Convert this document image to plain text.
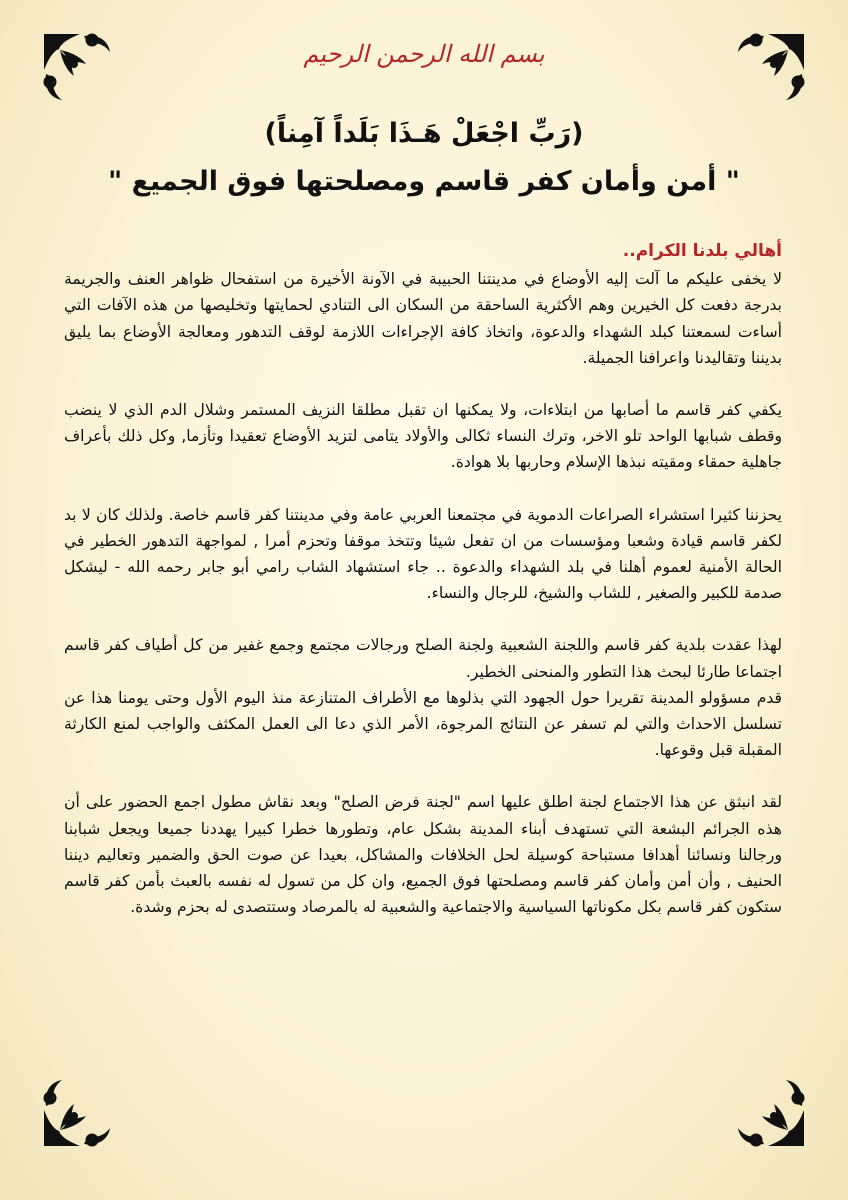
بسم الله الرحمن الرحيم
(رَبِّ اجْعَلْ هَـذَا بَلَداً آمِناً)
" أمن وأمان كفر قاسم ومصلحتها فوق الجميع "
أهالي بلدنا الكرام..

لا يخفى عليكم ما آلت إليه الأوضاع في مدينتنا الحبيبة في الآونة الأخيرة من استفحال ظواهر العنف والجريمة بدرجة دفعت كل الخيرين وهم الأكثرية الساحقة من السكان الى التنادي لحمايتها وتخليصها من هذه الآفات التي أساءت لسمعتنا كبلد الشهداء والدعوة، واتخاذ كافة الإجراءات اللازمة لوقف التدهور ومعالجة الأوضاع بما يليق بديننا وتقاليدنا واعرافنا الجميلة.

يكفي كفر قاسم ما أصابها من ابتلاءات، ولا يمكنها ان تقبل مطلقا النزيف المستمر وشلال الدم الذي لا ينضب وقطف شبابها الواحد تلو الاخر، وترك النساء ثكالى والأولاد يتامى لتزيد الأوضاع تعقيدا وتأزما, وكل ذلك بأعراف جاهلية حمقاء ومقيته نبذها الإسلام وحاربها بلا هوادة.

يحزننا كثيرا استشراء الصراعات الدموية في مجتمعنا العربي عامة وفي مدينتنا كفر قاسم خاصة. ولذلك كان لا بد لكفر قاسم قيادة وشعبا ومؤسسات من ان تفعل شيئا وتتخذ موقفا وتحزم أمرا , لمواجهة التدهور الخطير في الحالة الأمنية لعموم أهلنا في بلد الشهداء والدعوة .. جاء استشهاد الشاب رامي أبو جابر رحمه الله - ليشكل صدمة للكبير والصغير , للشاب والشيخ، للرجال والنساء.

لهذا عقدت بلدية كفر قاسم واللجنة الشعبية ولجنة الصلح ورجالات مجتمع وجمع غفير من كل أطياف كفر قاسم اجتماعا طارئا لبحث هذا التطور والمنحنى الخطير.

قدم مسؤولو المدينة تقريرا حول الجهود التي بذلوها مع الأطراف المتنازعة منذ اليوم الأول وحتى يومنا هذا عن تسلسل الاحداث والتي لم تسفر عن النتائج المرجوة، الأمر الذي دعا الى العمل المكثف والواجب لمنع الكارثة المقبلة قبل وقوعها.

لقد انبثق عن هذا الاجتماع لجنة اطلق عليها اسم "لجنة فرض الصلح" وبعد نقاش مطول اجمع الحضور على أن هذه الجرائم البشعة التي تستهدف أبناء المدينة بشكل عام، وتطورها خطرا كبيرا يهددنا جميعا ويجعل شبابنا ورجالنا ونسائنا أهدافا مستباحة كوسيلة لحل الخلافات والمشاكل، بعيدا عن صوت الحق والضمير وتعاليم ديننا الحنيف , وأن أمن وأمان كفر قاسم ومصلحتها فوق الجميع، وان كل من تسول له نفسه بالعبث بأمن كفر قاسم ستكون كفر قاسم بكل مكوناتها السياسية والاجتماعية والشعبية له بالمرصاد وستتصدى له بحزم وشدة.
